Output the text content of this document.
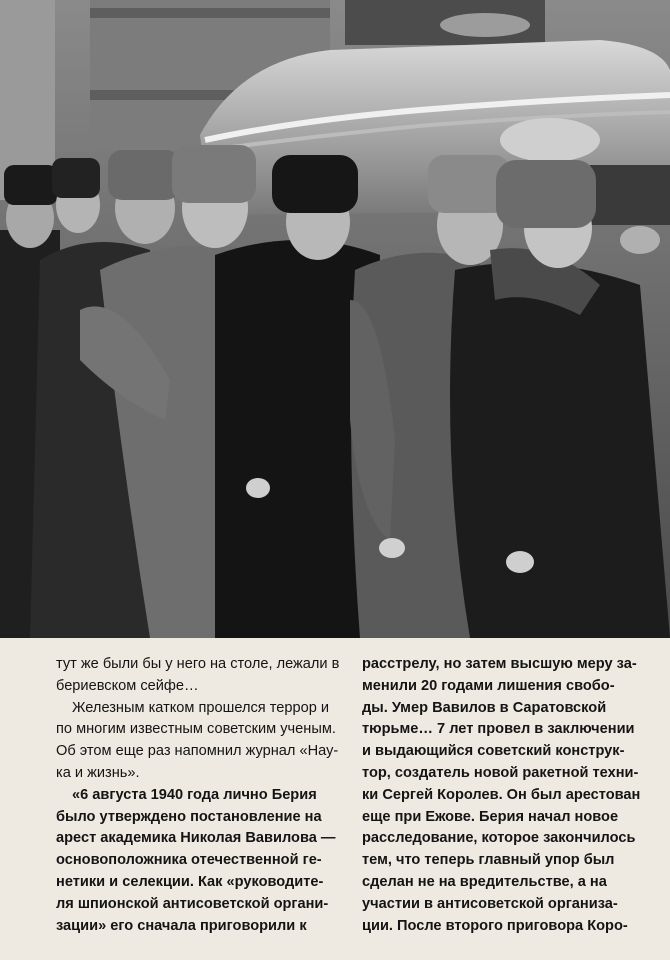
тут же были бы у него на столе, лежали в
бериевском сейфе…
Железным катком прошелся террор и
по многим известным советским ученым.
Об этом еще раз напомнил журнал «Нау-
ка и жизнь».
«6 августа 1940 года лично Берия
было утверждено постановление на
арест академика Николая Вавилова —
основоположника отечественной ге-
нетики и селекции. Как «руководите-
ля шпионской антисоветской органи-
зации» его сначала приговорили к
расстрелу, но затем высшую меру за-
менили 20 годами лишения свобо-
ды. Умер Вавилов в Саратовской
тюрьме… 7 лет провел в заключении
и выдающийся советский конструк-
тор, создатель новой ракетной техни-
ки Сергей Королев. Он был арестован
еще при Ежове. Берия начал новое
расследование, которое закончилось
тем, что теперь главный упор был
сделан не на вредительстве, а на
участии в антисоветской организа-
ции. После второго приговора Коро-
